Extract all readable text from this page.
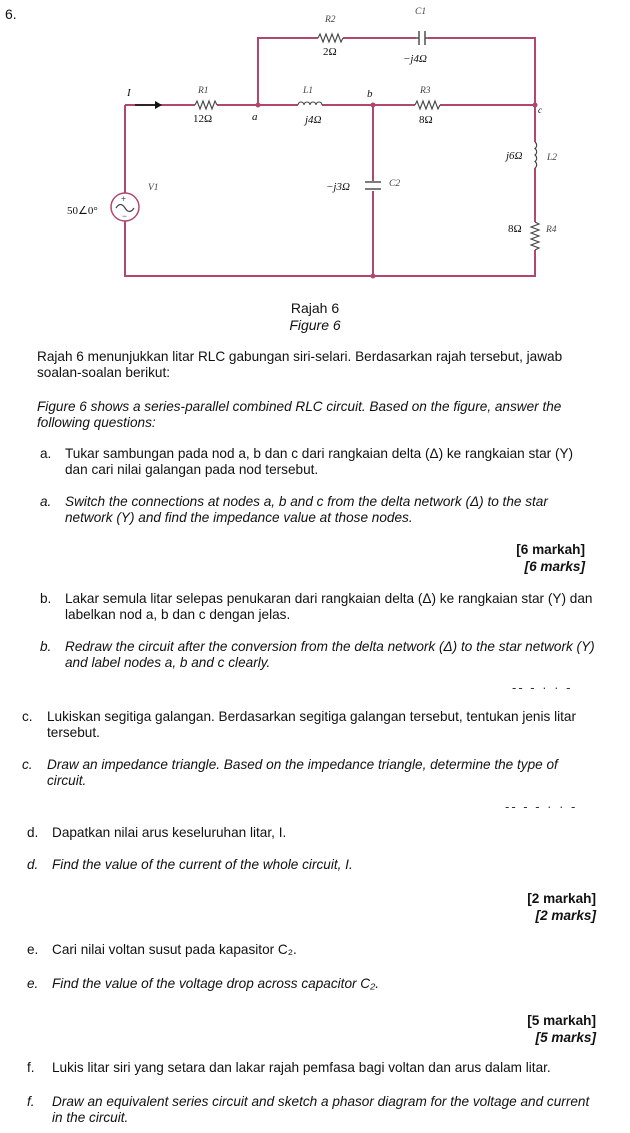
6.	R2
C1
R1	L1	R3
L2
V1	C2
R4
2Ω
−j4Ω
12Ω	j4Ω	8Ω
j6Ω
−j3Ω
8Ω
50∠0°
I
a
b
c
+
−
Rajah 6
Figure 6
Rajah 6 menunjukkan litar RLC gabungan siri-selari. Berdasarkan rajah tersebut, jawab soalan-soalan berikut:
Figure 6 shows a series-parallel combined RLC circuit. Based on the figure, answer the following questions:
a. Tukar sambungan pada nod a, b dan c dari rangkaian delta (Δ) ke rangkaian star (Y) dan cari nilai galangan pada nod tersebut.
a. Switch the connections at nodes a, b and c from the delta network (Δ) to the star network (Y) and find the impedance value at those nodes.
[6 markah]
[6 marks]
b. Lakar semula litar selepas penukaran dari rangkaian delta (Δ) ke rangkaian star (Y) dan labelkan nod a, b dan c dengan jelas.
b. Redraw the circuit after the conversion from the delta network (Δ) to the star network (Y) and label nodes a, b and c clearly.
-- - · · -
c. Lukiskan segitiga galangan. Berdasarkan segitiga galangan tersebut, tentukan jenis litar tersebut.
c. Draw an impedance triangle. Based on the impedance triangle, determine the type of circuit.
-- - - · · -
d. Dapatkan nilai arus keseluruhan litar, I.
d. Find the value of the current of the whole circuit, I.
[2 markah]
[2 marks]
e. Cari nilai voltan susut pada kapasitor C₂.
e. Find the value of the voltage drop across capacitor C₂.
[5 markah]
[5 marks]
f. Lukis litar siri yang setara dan lakar rajah pemfasa bagi voltan dan arus dalam litar.
f. Draw an equivalent series circuit and sketch a phasor diagram for the voltage and current in the circuit.
